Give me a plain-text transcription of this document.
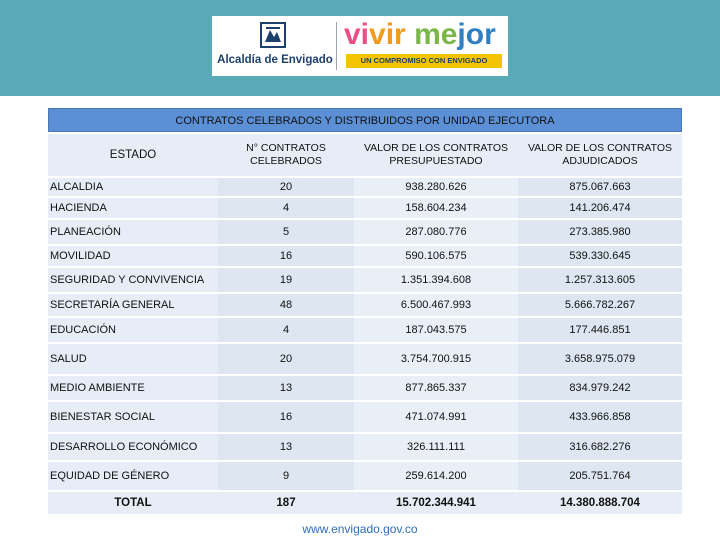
Alcaldía de Envigado
vivir mejor
UN COMPROMISO CON ENVIGADO
CONTRATOS CELEBRADOS Y DISTRIBUIDOS POR UNIDAD EJECUTORA
ESTADO	N° CONTRATOS CELEBRADOS	VALOR DE LOS CONTRATOS PRESUPUESTADO	VALOR DE LOS CONTRATOS ADJUDICADOS
ALCALDIA	20	938.280.626	875.067.663
HACIENDA	4	158.604.234	141.206.474
PLANEACIÓN	5	287.080.776	273.385.980
MOVILIDAD	16	590.106.575	539.330.645
SEGURIDAD Y CONVIVENCIA	19	1.351.394.608	1.257.313.605
SECRETARÍA GENERAL	48	6.500.467.993	5.666.782.267
EDUCACIÓN	4	187.043.575	177.446.851
SALUD	20	3.754.700.915	3.658.975.079
MEDIO AMBIENTE	13	877.865.337	834.979.242
BIENESTAR SOCIAL	16	471.074.991	433.966.858
DESARROLLO ECONÓMICO	13	326.111.111	316.682.276
EQUIDAD DE GÉNERO	9	259.614.200	205.751.764
TOTAL	187	15.702.344.941	14.380.888.704
www.envigado.gov.co
